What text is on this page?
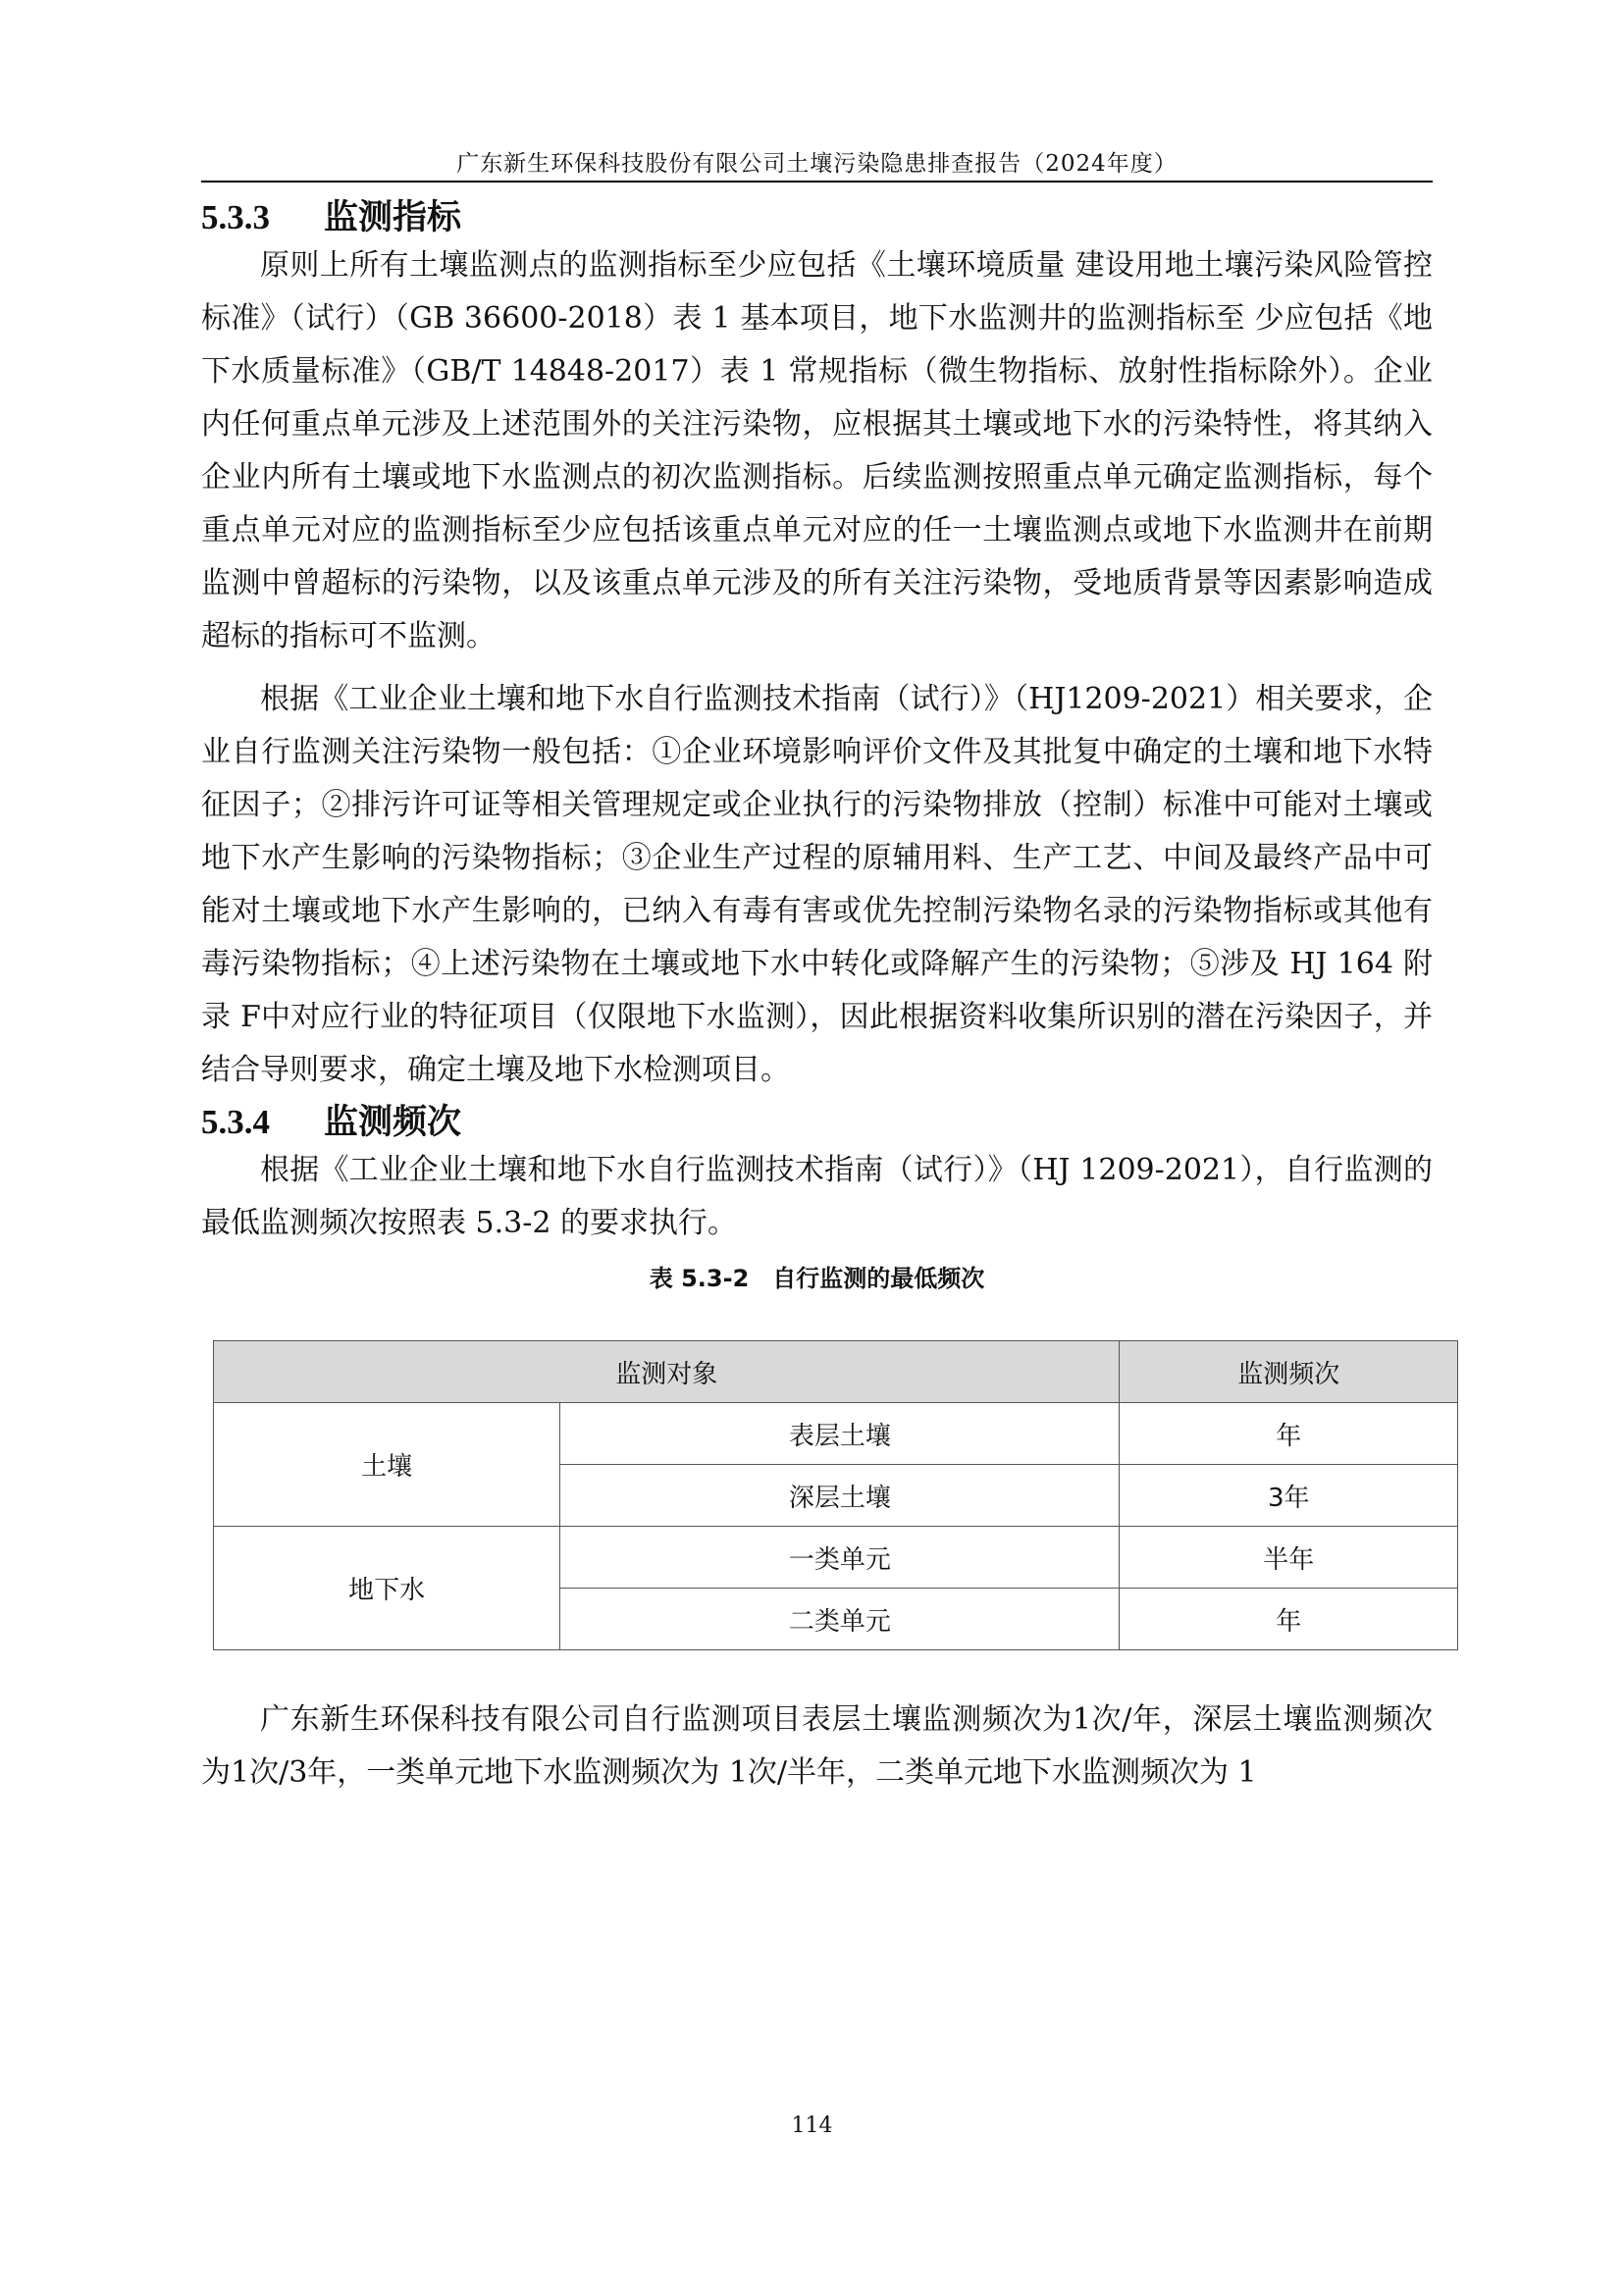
广东新生环保科技股份有限公司土壤污染隐患排查报告（2024年度）
5.3.3	监测指标

原则上所有土壤监测点的监测指标至少应包括《土壤环境质量 建设用地土壤污染风险管控标准》（试行）（GB 36600-2018）表 1 基本项目，地下水监测井的监测指标至 少应包括《地下水质量标准》（GB/T 14848-2017）表 1 常规指标（微生物指标、放射性指标除外）。企业内任何重点单元涉及上述范围外的关注污染物，应根据其土壤或地下水的污染特性，将其纳入企业内所有土壤或地下水监测点的初次监测指标。后续监测按照重点单元确定监测指标，每个重点单元对应的监测指标至少应包括该重点单元对应的任一土壤监测点或地下水监测井在前期监测中曾超标的污染物，以及该重点单元涉及的所有关注污染物，受地质背景等因素影响造成超标的指标可不监测。

根据《工业企业土壤和地下水自行监测技术指南（试行）》（HJ1209-2021）相关要求，企业自行监测关注污染物一般包括：①企业环境影响评价文件及其批复中确定的土壤和地下水特征因子；②排污许可证等相关管理规定或企业执行的污染物排放（控制）标准中可能对土壤或地下水产生影响的污染物指标；③企业生产过程的原辅用料、生产工艺、中间及最终产品中可能对土壤或地下水产生影响的，已纳入有毒有害或优先控制污染物名录的污染物指标或其他有毒污染物指标；④上述污染物在土壤或地下水中转化或降解产生的污染物；⑤涉及 HJ 164 附录 F中对应行业的特征项目（仅限地下水监测），因此根据资料收集所识别的潜在污染因子，并结合导则要求，确定土壤及地下水检测项目。

5.3.4	监测频次

根据《工业企业土壤和地下水自行监测技术指南（试行）》（HJ 1209-2021），自行监测的最低监测频次按照表 5.3-2 的要求执行。

表 5.3-2　自行监测的最低频次
监测对象		监测频次
土壤	表层土壤	年
	深层土壤	3年
地下水	一类单元	半年
	二类单元	年

广东新生环保科技有限公司自行监测项目表层土壤监测频次为1次/年，深层土壤监测频次为1次/3年，一类单元地下水监测频次为 1次/半年，二类单元地下水监测频次为 1

114
